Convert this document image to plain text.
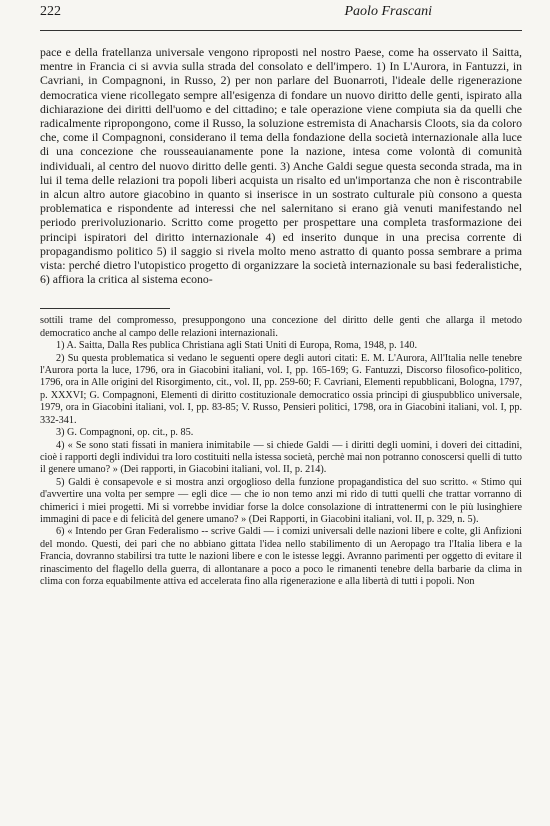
222	Paolo Frascani

pace e della fratellanza universale vengono riproposti nel nostro Paese, come ha osservato il Saitta, mentre in Francia ci si avvia sulla strada del consolato e dell'impero. 1) In L'Aurora, in Fantuzzi, in Cavriani, in Compagnoni, in Russo, 2) per non parlare del Buonarroti, l'ideale delle rigenerazione democratica viene ricollegato sempre all'esigenza di fondare un nuovo diritto delle genti, ispirato alla dichiarazione dei diritti dell'uomo e del cittadino; e tale operazione viene compiuta sia da quelli che radicalmente ripropongono, come il Russo, la soluzione estremista di Anacharsis Cloots, sia da coloro che, come il Compagnoni, considerano il tema della fondazione della società internazionale alla luce di una concezione che rousseauianamente pone la nazione, intesa come volontà di comunità individuali, al centro del nuovo diritto delle genti. 3) Anche Galdi segue questa seconda strada, ma in lui il tema delle relazioni tra popoli liberi acquista un risalto ed un'importanza che non è riscontrabile in alcun altro autore giacobino in quanto si inserisce in un sostrato culturale più consono a questa problematica e rispondente ad interessi che nel salernitano si erano già venuti manifestando nel periodo prerivoluzionario. Scritto come progetto per prospettare una completa trasformazione dei principi ispiratori del diritto internazionale 4) ed inserito dunque in una precisa corrente di propagandismo politico 5) il saggio si rivela molto meno astratto di quanto possa sembrare a prima vista: perché dietro l'utopistico progetto di organizzare la società internazionale su basi federalistiche, 6) affiora la critica al sistema econo-

sottili trame del compromesso, presuppongono una concezione del diritto delle genti che allarga il metodo democratico anche al campo delle relazioni internazionali.

1) A. Saitta, Dalla Res publica Christiana agli Stati Uniti di Europa, Roma, 1948, p. 140.

2) Su questa problematica si vedano le seguenti opere degli autori citati: E. M. L'Aurora, All'Italia nelle tenebre l'Aurora porta la luce, 1796, ora in Giacobini italiani, vol. I, pp. 165-169; G. Fantuzzi, Discorso filosofico-politico, 1796, ora in Alle origini del Risorgimento, cit., vol. II, pp. 259-60; F. Cavriani, Elementi repubblicani, Bologna, 1797, p. XXXVI; G. Compagnoni, Elementi di diritto costituzionale democratico ossia principi di giuspubblico universale, 1979, ora in Giacobini italiani, vol. I, pp. 83-85; V. Russo, Pensieri politici, 1798, ora in Giacobini italiani, vol. I, pp. 332-341.

3) G. Compagnoni, op. cit., p. 85.

4) « Se sono stati fissati in maniera inimitabile — si chiede Galdi — i diritti degli uomini, i doveri dei cittadini, cioè i rapporti degli individui tra loro costituiti nella istessa società, perchè mai non potranno conoscersi quelli di tutto il genere umano? » (Dei rapporti, in Giacobini italiani, vol. II, p. 214).

5) Galdi è consapevole e si mostra anzi orgoglioso della funzione propagandistica del suo scritto. « Stimo qui d'avvertire una volta per sempre — egli dice — che io non temo anzi mi rido di tutti quelli che trattar vorranno di chimerici i miei progetti. Mi si vorrebbe invidiar forse la dolce consolazione di intrattenermi con le più lusinghiere immagini di pace e di felicità del genere umano? » (Dei Rapporti, in Giacobini italiani, vol. II, p. 329, n. 5).

6) « Intendo per Gran Federalismo -- scrive Galdi — i comizi universali delle nazioni libere e colte, gli Anfizioni del mondo. Questi, dei pari che no abbiano gittata l'idea nello stabilimento di un Aeropago tra l'Italia libera e la Francia, dovranno stabilirsi tra tutte le nazioni libere e con le istesse leggi. Avranno parimenti per oggetto di evitare il rinascimento del flagello della guerra, di allontanare a poco a poco le rimanenti tenebre della barbarie da clima in clima con forza equabilmente attiva ed accelerata fino alla rigenerazione e alla libertà di tutti i popoli. Non
